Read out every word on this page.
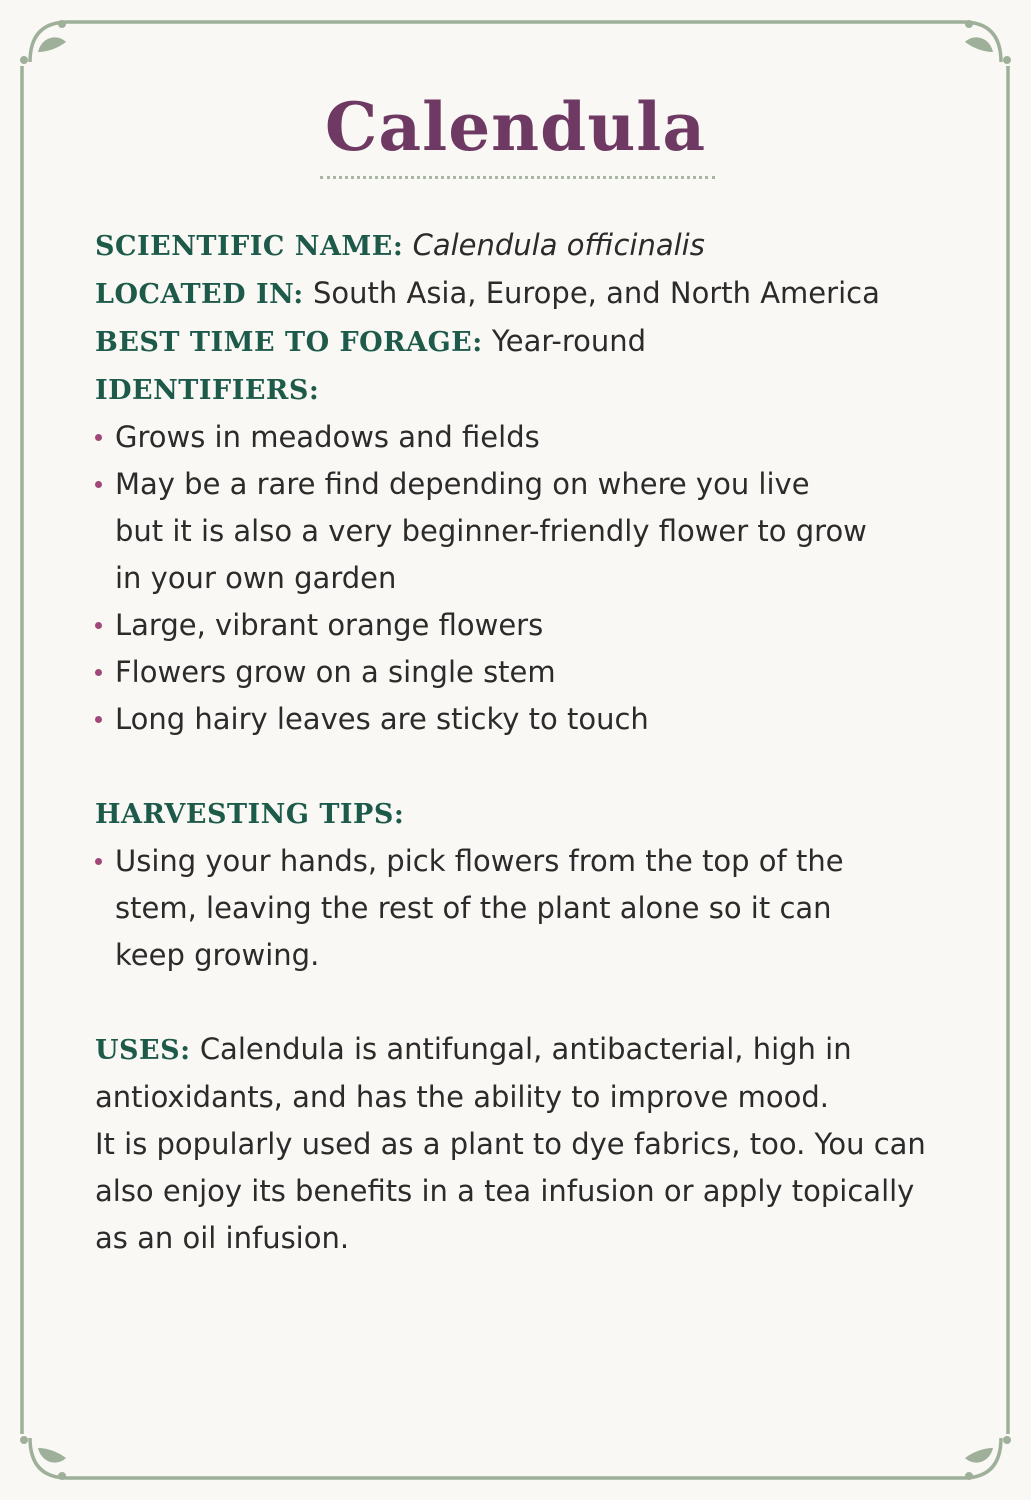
Calendula

SCIENTIFIC NAME: Calendula officinalis

LOCATED IN: South Asia, Europe, and North America

BEST TIME TO FORAGE: Year-round

IDENTIFIERS:

Grows in meadows and fields
May be a rare find depending on where you live
but it is also a very beginner-friendly flower to grow
in your own garden
Large, vibrant orange flowers
Flowers grow on a single stem
Long hairy leaves are sticky to touch

HARVESTING TIPS:

Using your hands, pick flowers from the top of the
stem, leaving the rest of the plant alone so it can
keep growing.

USES: Calendula is antifungal, antibacterial, high in
antioxidants, and has the ability to improve mood.
It is popularly used as a plant to dye fabrics, too. You can
also enjoy its benefits in a tea infusion or apply topically
as an oil infusion.
